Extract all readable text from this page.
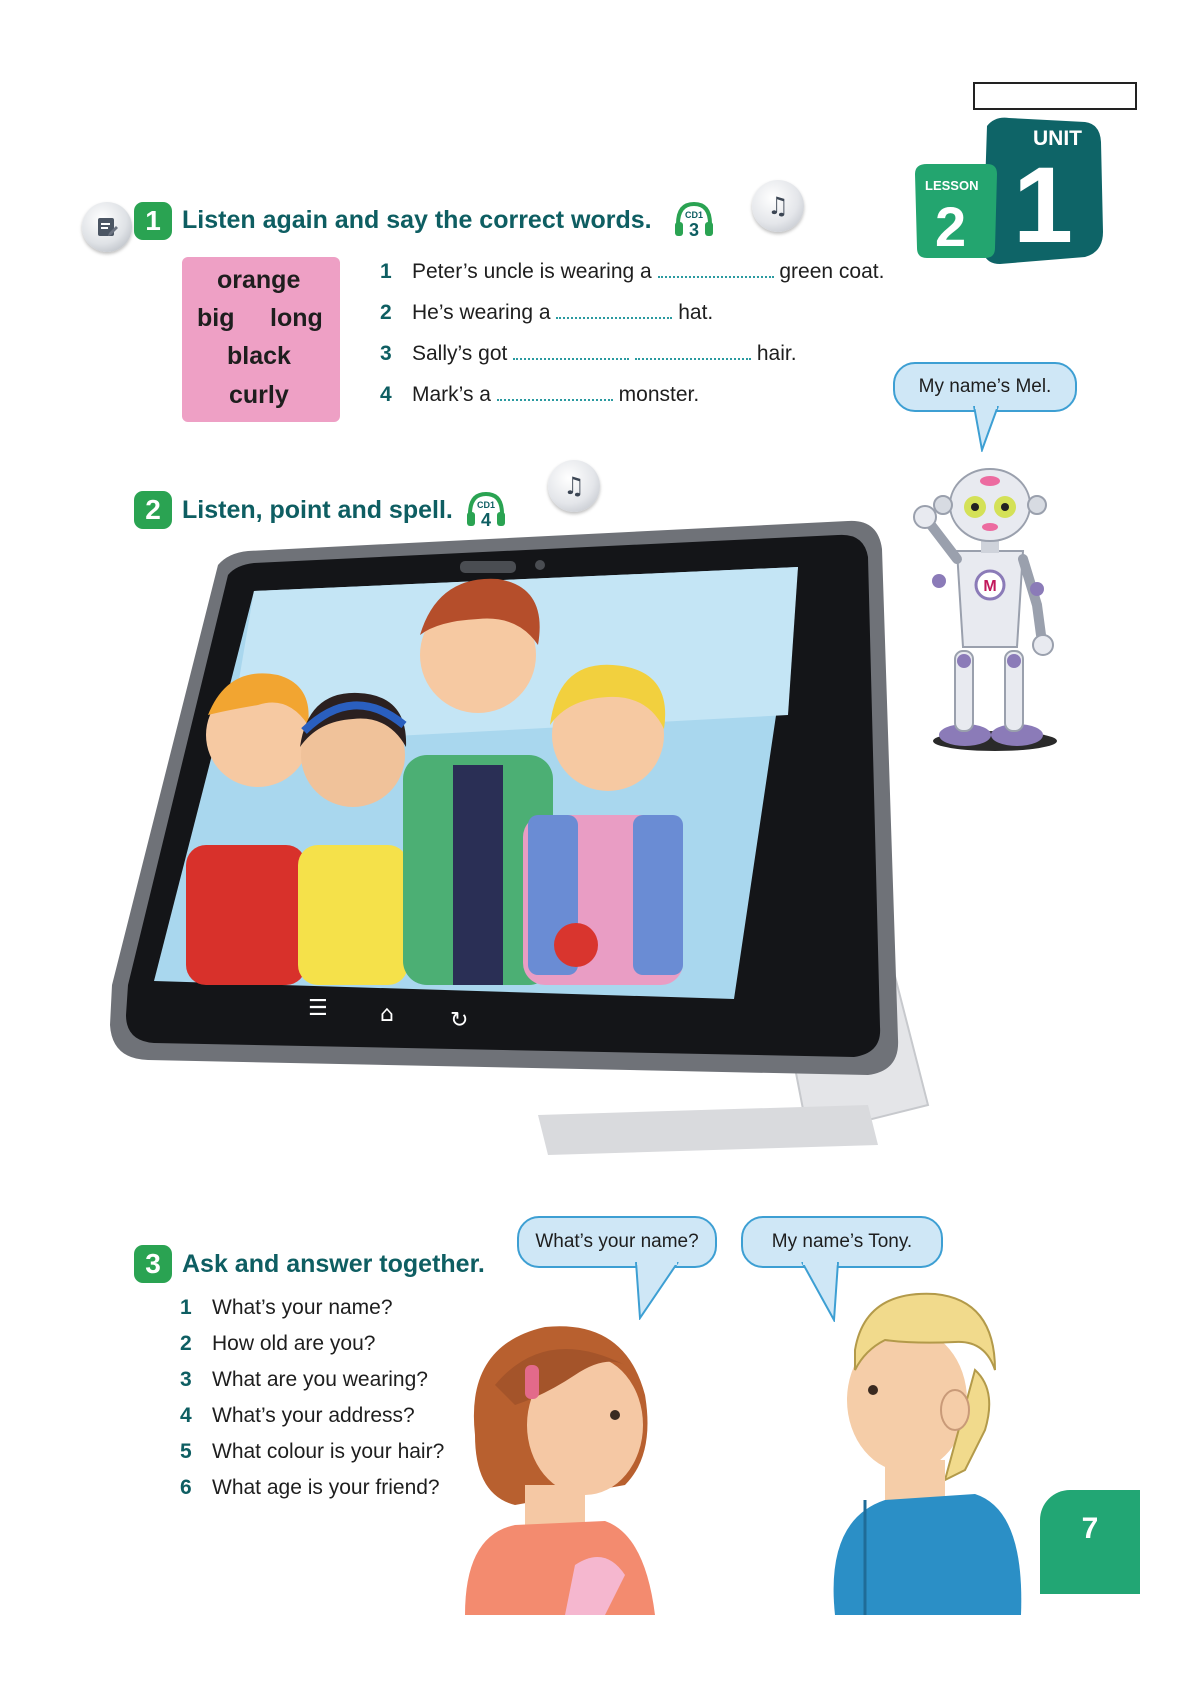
UNIT
1
LESSON
2
1 Listen again and say the correct words.	CD1
3
♫
orange
big long
black
curly
1 Peter’s uncle is wearing a	green coat.
2 He’s wearing a	hat.
3 Sally’s got	hair.
4 Mark’s a	monster.	My name’s Mel.
M
2 Listen, point and spell.	CD1
4
♫
☰ ⌂	↻
3 Ask and answer together.
1 What’s your name?
2 How old are you?
3 What are you wearing?
4 What’s your address?
5 What colour is your hair?
6 What age is your friend?
What’s your name?	My name’s Tony.
7
